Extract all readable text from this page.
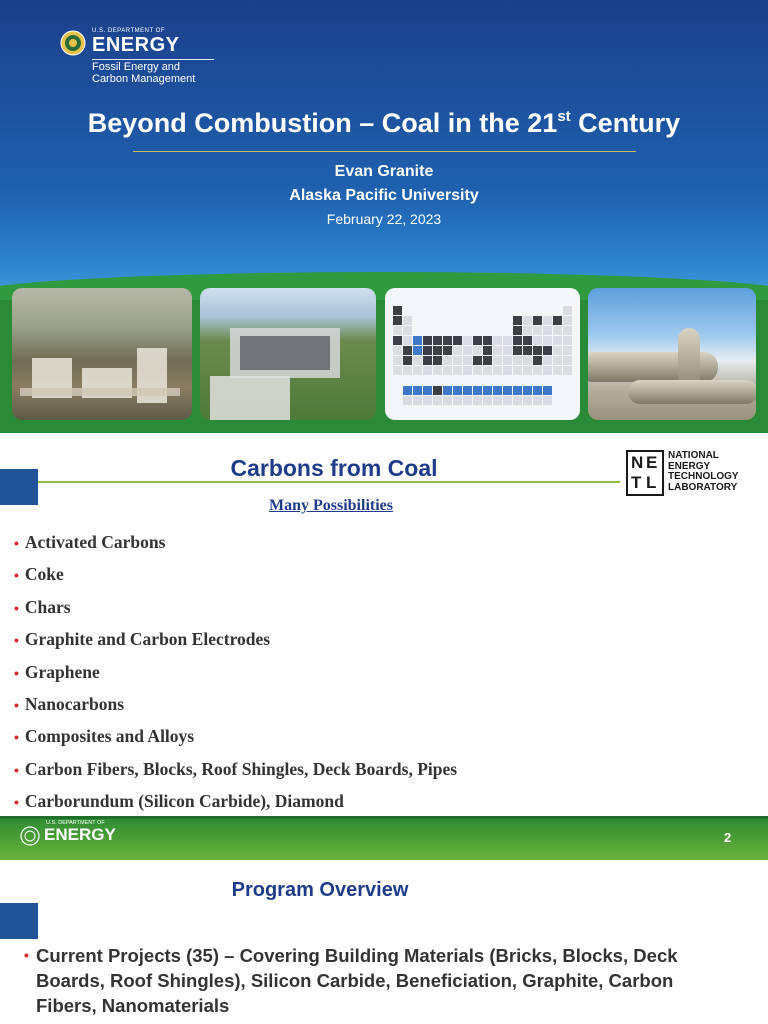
U.S. DEPARTMENT OF
ENERGY
Fossil Energy and
Carbon Management
Beyond Combustion – Coal in the 21st Century
Evan Granite
Alaska Pacific University
February 22, 2023
Carbons from Coal
Many Possibilities
N E
T L
NATIONAL
ENERGY
TECHNOLOGY
LABORATORY
• Activated Carbons
• Coke
• Chars
• Graphite and Carbon Electrodes
• Graphene
• Nanocarbons
• Composites and Alloys
• Carbon Fibers, Blocks, Roof Shingles, Deck Boards, Pipes
• Carborundum (Silicon Carbide), Diamond
U.S. DEPARTMENT OF
ENERGY	2
Program Overview
• Current Projects (35) – Covering Building Materials (Bricks, Blocks, Deck Boards, Roof Shingles), Silicon Carbide, Beneficiation, Graphite, Carbon Fibers, Nanomaterials
